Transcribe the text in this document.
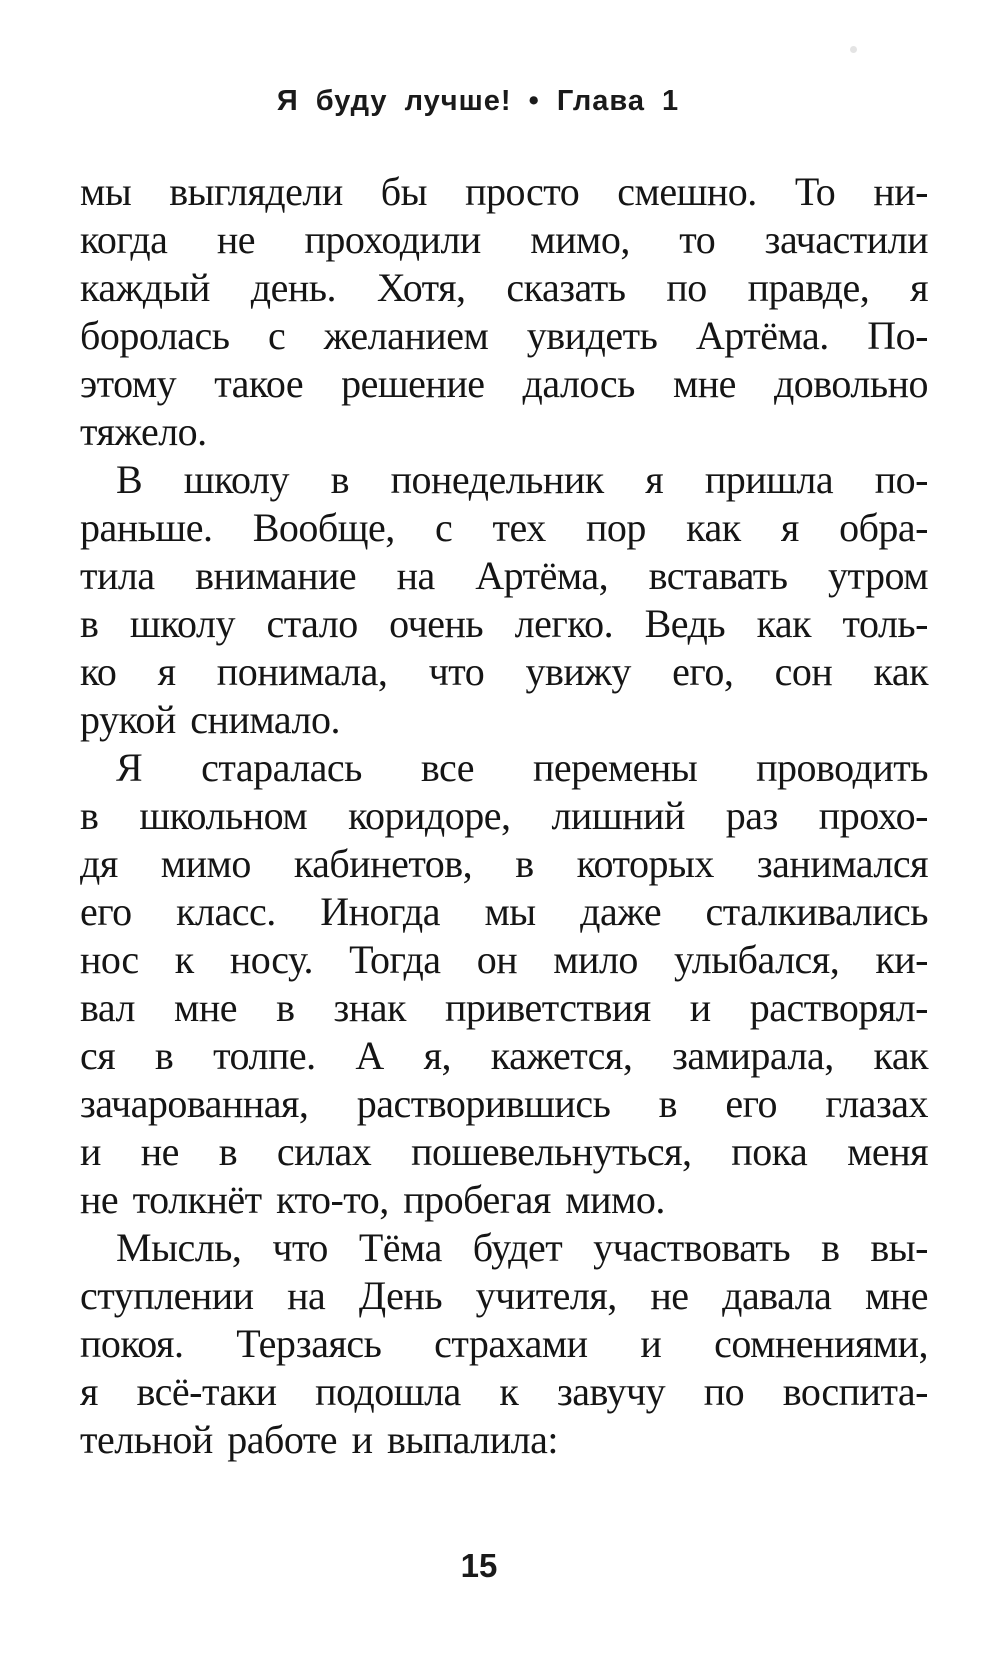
Я буду лучше! • Глава 1
мы выглядели бы просто смешно. То ни-
когда не проходили мимо, то зачастили
каждый день. Хотя, сказать по правде, я
боролась с желанием увидеть Артёма. По-
этому такое решение далось мне довольно
тяжело.
В школу в понедельник я пришла по-
раньше. Вообще, с тех пор как я обра-
тила внимание на Артёма, вставать утром
в школу стало очень легко. Ведь как толь-
ко я понимала, что увижу его, сон как
рукой снимало.
Я старалась все перемены проводить
в школьном коридоре, лишний раз прохо-
дя мимо кабинетов, в которых занимался
его класс. Иногда мы даже сталкивались
нос к носу. Тогда он мило улыбался, ки-
вал мне в знак приветствия и растворял-
ся в толпе. А я, кажется, замирала, как
зачарованная, растворившись в его глазах
и не в силах пошевельнуться, пока меня
не толкнёт кто-то, пробегая мимо.
Мысль, что Тёма будет участвовать в вы-
ступлении на День учителя, не давала мне
покоя. Терзаясь страхами и сомнениями,
я всё-таки подошла к завучу по воспита-
тельной работе и выпалила:
15
